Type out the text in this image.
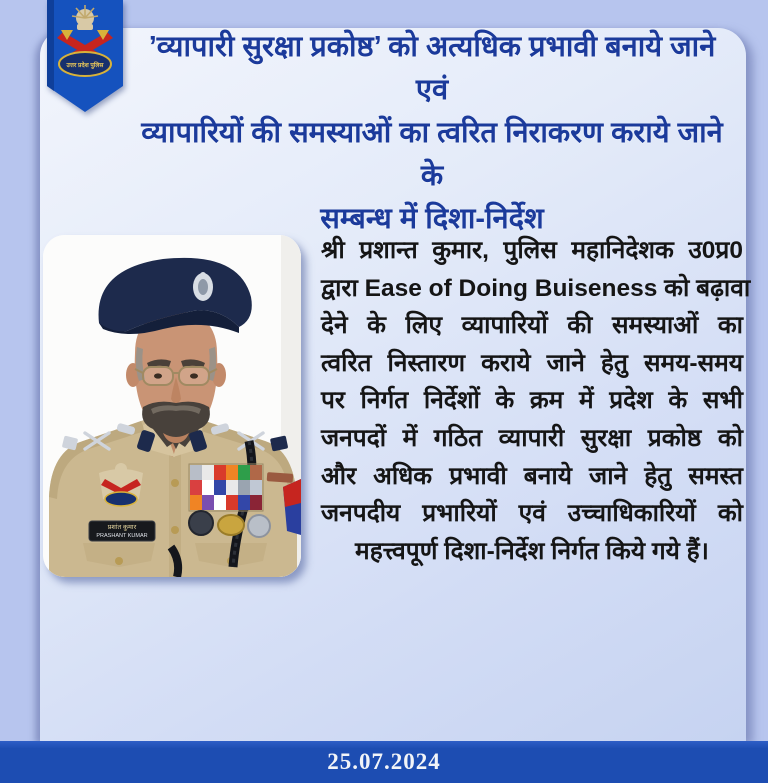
उत्तर प्रदेश पुलिस
’व्यापारी सुरक्षा प्रकोष्ठ’ को अत्यधिक प्रभावी बनाये जाने एवं
व्यापारियों की समस्याओं का त्वरित निराकरण कराये जाने के
सम्बन्ध में दिशा-निर्देश
प्रशांत कुमार
PRASHANT KUMAR
श्री प्रशान्त कुमार, पुलिस महानिदेशक उ0प्र0
द्वारा Ease of Doing Buiseness को बढ़ावा
देने के लिए व्यापारियों की समस्याओं का
त्वरित निस्तारण कराये जाने हेतु समय-समय
पर निर्गत निर्देशों के क्रम में प्रदेश के सभी
जनपदों में गठित व्यापारी सुरक्षा प्रकोष्ठ को
और अधिक प्रभावी बनाये जाने हेतु समस्त
जनपदीय प्रभारियों एवं उच्चाधिकारियों को
महत्त्वपूर्ण दिशा-निर्देश निर्गत किये गये हैं।
25.07.2024
